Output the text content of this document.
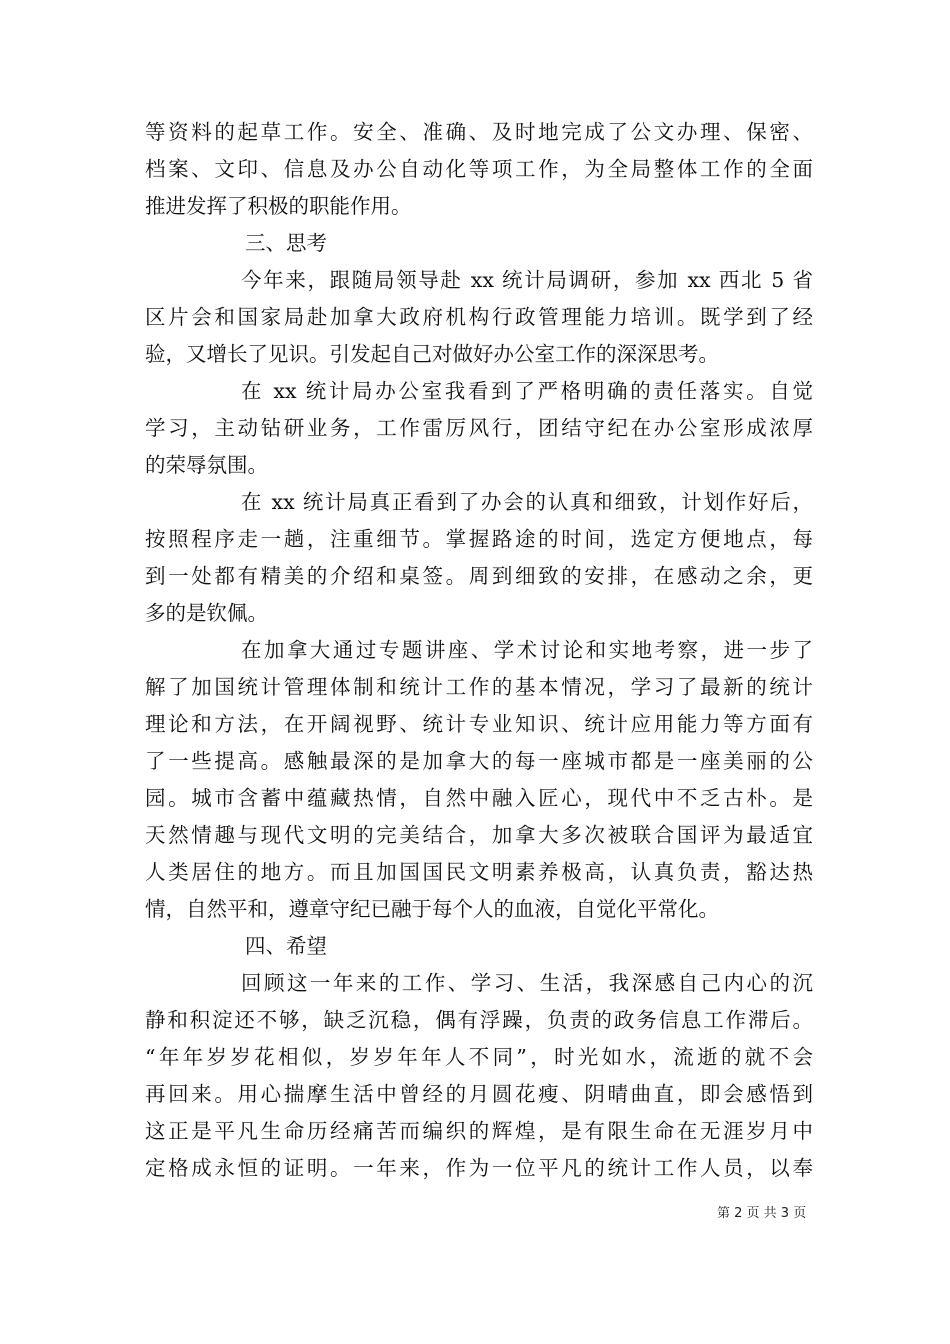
等资料的起草工作。安全、准确、及时地完成了公文办理、保密、
档案、文印、信息及办公自动化等项工作，为全局整体工作的全面
推进发挥了积极的职能作用。
三、思考
今年来，跟随局领导赴 xx 统计局调研，参加 xx 西北 5 省
区片会和国家局赴加拿大政府机构行政管理能力培训。既学到了经
验，又增长了见识。引发起自己对做好办公室工作的深深思考。
在 xx 统计局办公室我看到了严格明确的责任落实。自觉
学习，主动钻研业务，工作雷厉风行，团结守纪在办公室形成浓厚
的荣辱氛围。
在 xx 统计局真正看到了办会的认真和细致，计划作好后，
按照程序走一趟，注重细节。掌握路途的时间，选定方便地点，每
到一处都有精美的介绍和桌签。周到细致的安排，在感动之余，更
多的是钦佩。
在加拿大通过专题讲座、学术讨论和实地考察，进一步了
解了加国统计管理体制和统计工作的基本情况，学习了最新的统计
理论和方法，在开阔视野、统计专业知识、统计应用能力等方面有
了一些提高。感触最深的是加拿大的每一座城市都是一座美丽的公
园。城市含蓄中蕴藏热情，自然中融入匠心，现代中不乏古朴。是
天然情趣与现代文明的完美结合，加拿大多次被联合国评为最适宜
人类居住的地方。而且加国国民文明素养极高，认真负责，豁达热
情，自然平和，遵章守纪已融于每个人的血液，自觉化平常化。
四、希望
回顾这一年来的工作、学习、生活，我深感自己内心的沉
静和积淀还不够，缺乏沉稳，偶有浮躁，负责的政务信息工作滞后。
“年年岁岁花相似，岁岁年年人不同”，时光如水，流逝的就不会
再回来。用心揣摩生活中曾经的月圆花瘦、阴晴曲直，即会感悟到
这正是平凡生命历经痛苦而编织的辉煌，是有限生命在无涯岁月中
定格成永恒的证明。一年来，作为一位平凡的统计工作人员，以奉
第 2 页 共 3 页
